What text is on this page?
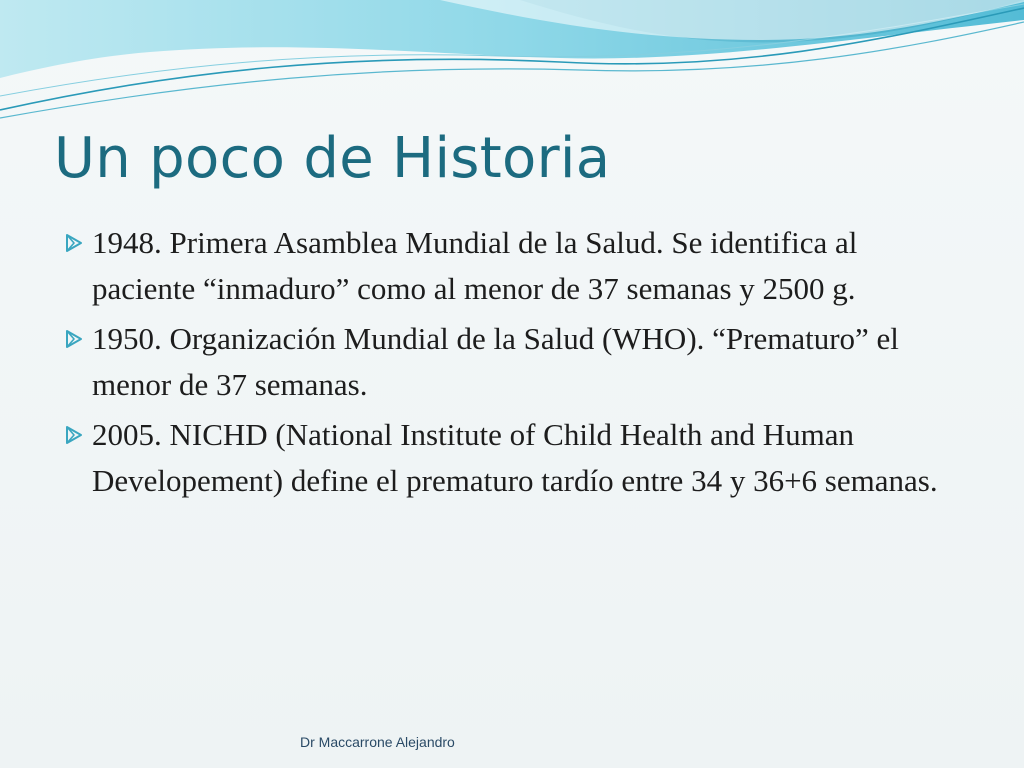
Un poco de Historia
1948. Primera Asamblea Mundial de la Salud. Se identifica al paciente “inmaduro” como al menor de 37 semanas y 2500 g.
1950. Organización Mundial de la Salud (WHO). “Prematuro” el menor de 37 semanas.
2005. NICHD (National Institute of Child Health and Human Developement) define el prematuro tardío entre 34 y 36+6 semanas.
Dr Maccarrone Alejandro
